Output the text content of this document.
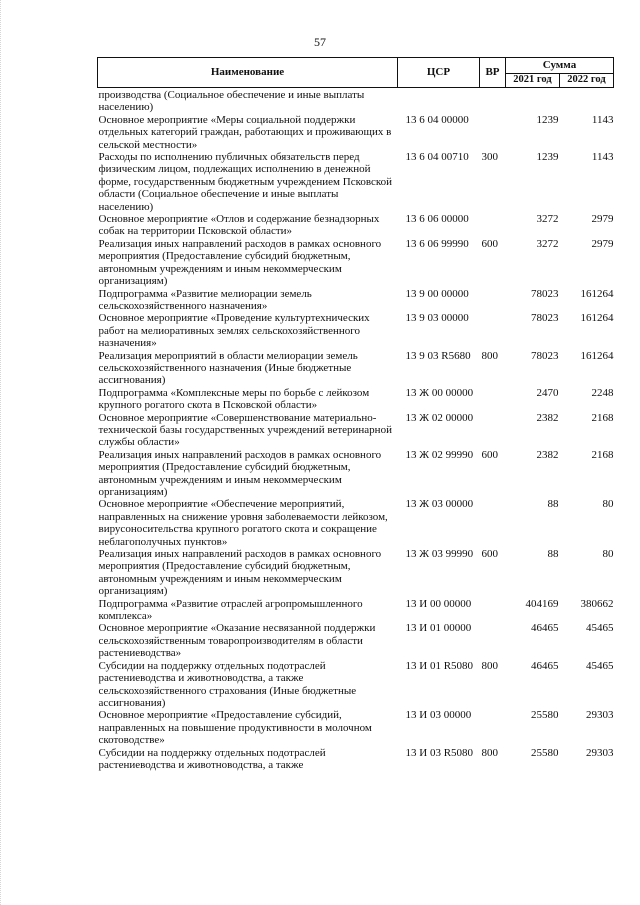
57
Наименование	ЦСР	ВР	Сумма	
			2021 год	2022 год
производства (Социальное обеспечение и иные выплаты населению)				
Основное мероприятие «Меры социальной поддержки отдельных категорий граждан, работающих и проживающих в сельской местности»	13 6 04 00000		1239	1143
Расходы по исполнению публичных обязательств перед физическим лицом, подлежащих исполнению в денежной форме, государственным бюджетным учреждением Псковской области (Социальное обеспечение и иные выплаты населению)	13 6 04 00710	300	1239	1143
Основное мероприятие «Отлов и содержание безнадзорных собак на территории Псковской области»	13 6 06 00000		3272	2979
Реализация иных направлений расходов в рамках основного мероприятия (Предоставление субсидий бюджетным, автономным учреждениям и иным некоммерческим организациям)	13 6 06 99990	600	3272	2979
Подпрограмма «Развитие мелиорации земель сельскохозяйственного назначения»	13 9 00 00000		78023	161264
Основное мероприятие «Проведение культуртехнических работ на мелиоративных землях сельскохозяйственного назначения»	13 9 03 00000		78023	161264
Реализация мероприятий в области мелиорации земель сельскохозяйственного назначения (Иные бюджетные ассигнования)	13 9 03 R5680	800	78023	161264
Подпрограмма «Комплексные меры по борьбе с лейкозом крупного рогатого скота в Псковской области»	13 Ж 00 00000		2470	2248
Основное мероприятие «Совершенствование материально-технической базы государственных учреждений ветеринарной службы области»	13 Ж 02 00000		2382	2168
Реализация иных направлений расходов в рамках основного мероприятия (Предоставление субсидий бюджетным, автономным учреждениям и иным некоммерческим организациям)	13 Ж 02 99990	600	2382	2168
Основное мероприятие «Обеспечение мероприятий, направленных на снижение уровня заболеваемости лейкозом, вирусоносительства крупного рогатого скота и сокращение неблагополучных пунктов»	13 Ж 03 00000		88	80
Реализация иных направлений расходов в рамках основного мероприятия (Предоставление субсидий бюджетным, автономным учреждениям и иным некоммерческим организациям)	13 Ж 03 99990	600	88	80
Подпрограмма «Развитие отраслей агропромышленного комплекса»	13 И 00 00000		404169	380662
Основное мероприятие «Оказание несвязанной поддержки сельскохозяйственным товаропроизводителям в области растениеводства»	13 И 01 00000		46465	45465
Субсидии на поддержку отдельных подотраслей растениеводства и животноводства, а также сельскохозяйственного страхования (Иные бюджетные ассигнования)	13 И 01 R5080	800	46465	45465
Основное мероприятие «Предоставление субсидий, направленных на повышение продуктивности в молочном скотоводстве»	13 И 03 00000		25580	29303
Субсидии на поддержку отдельных подотраслей растениеводства и животноводства, а также	13 И 03 R5080	800	25580	29303
